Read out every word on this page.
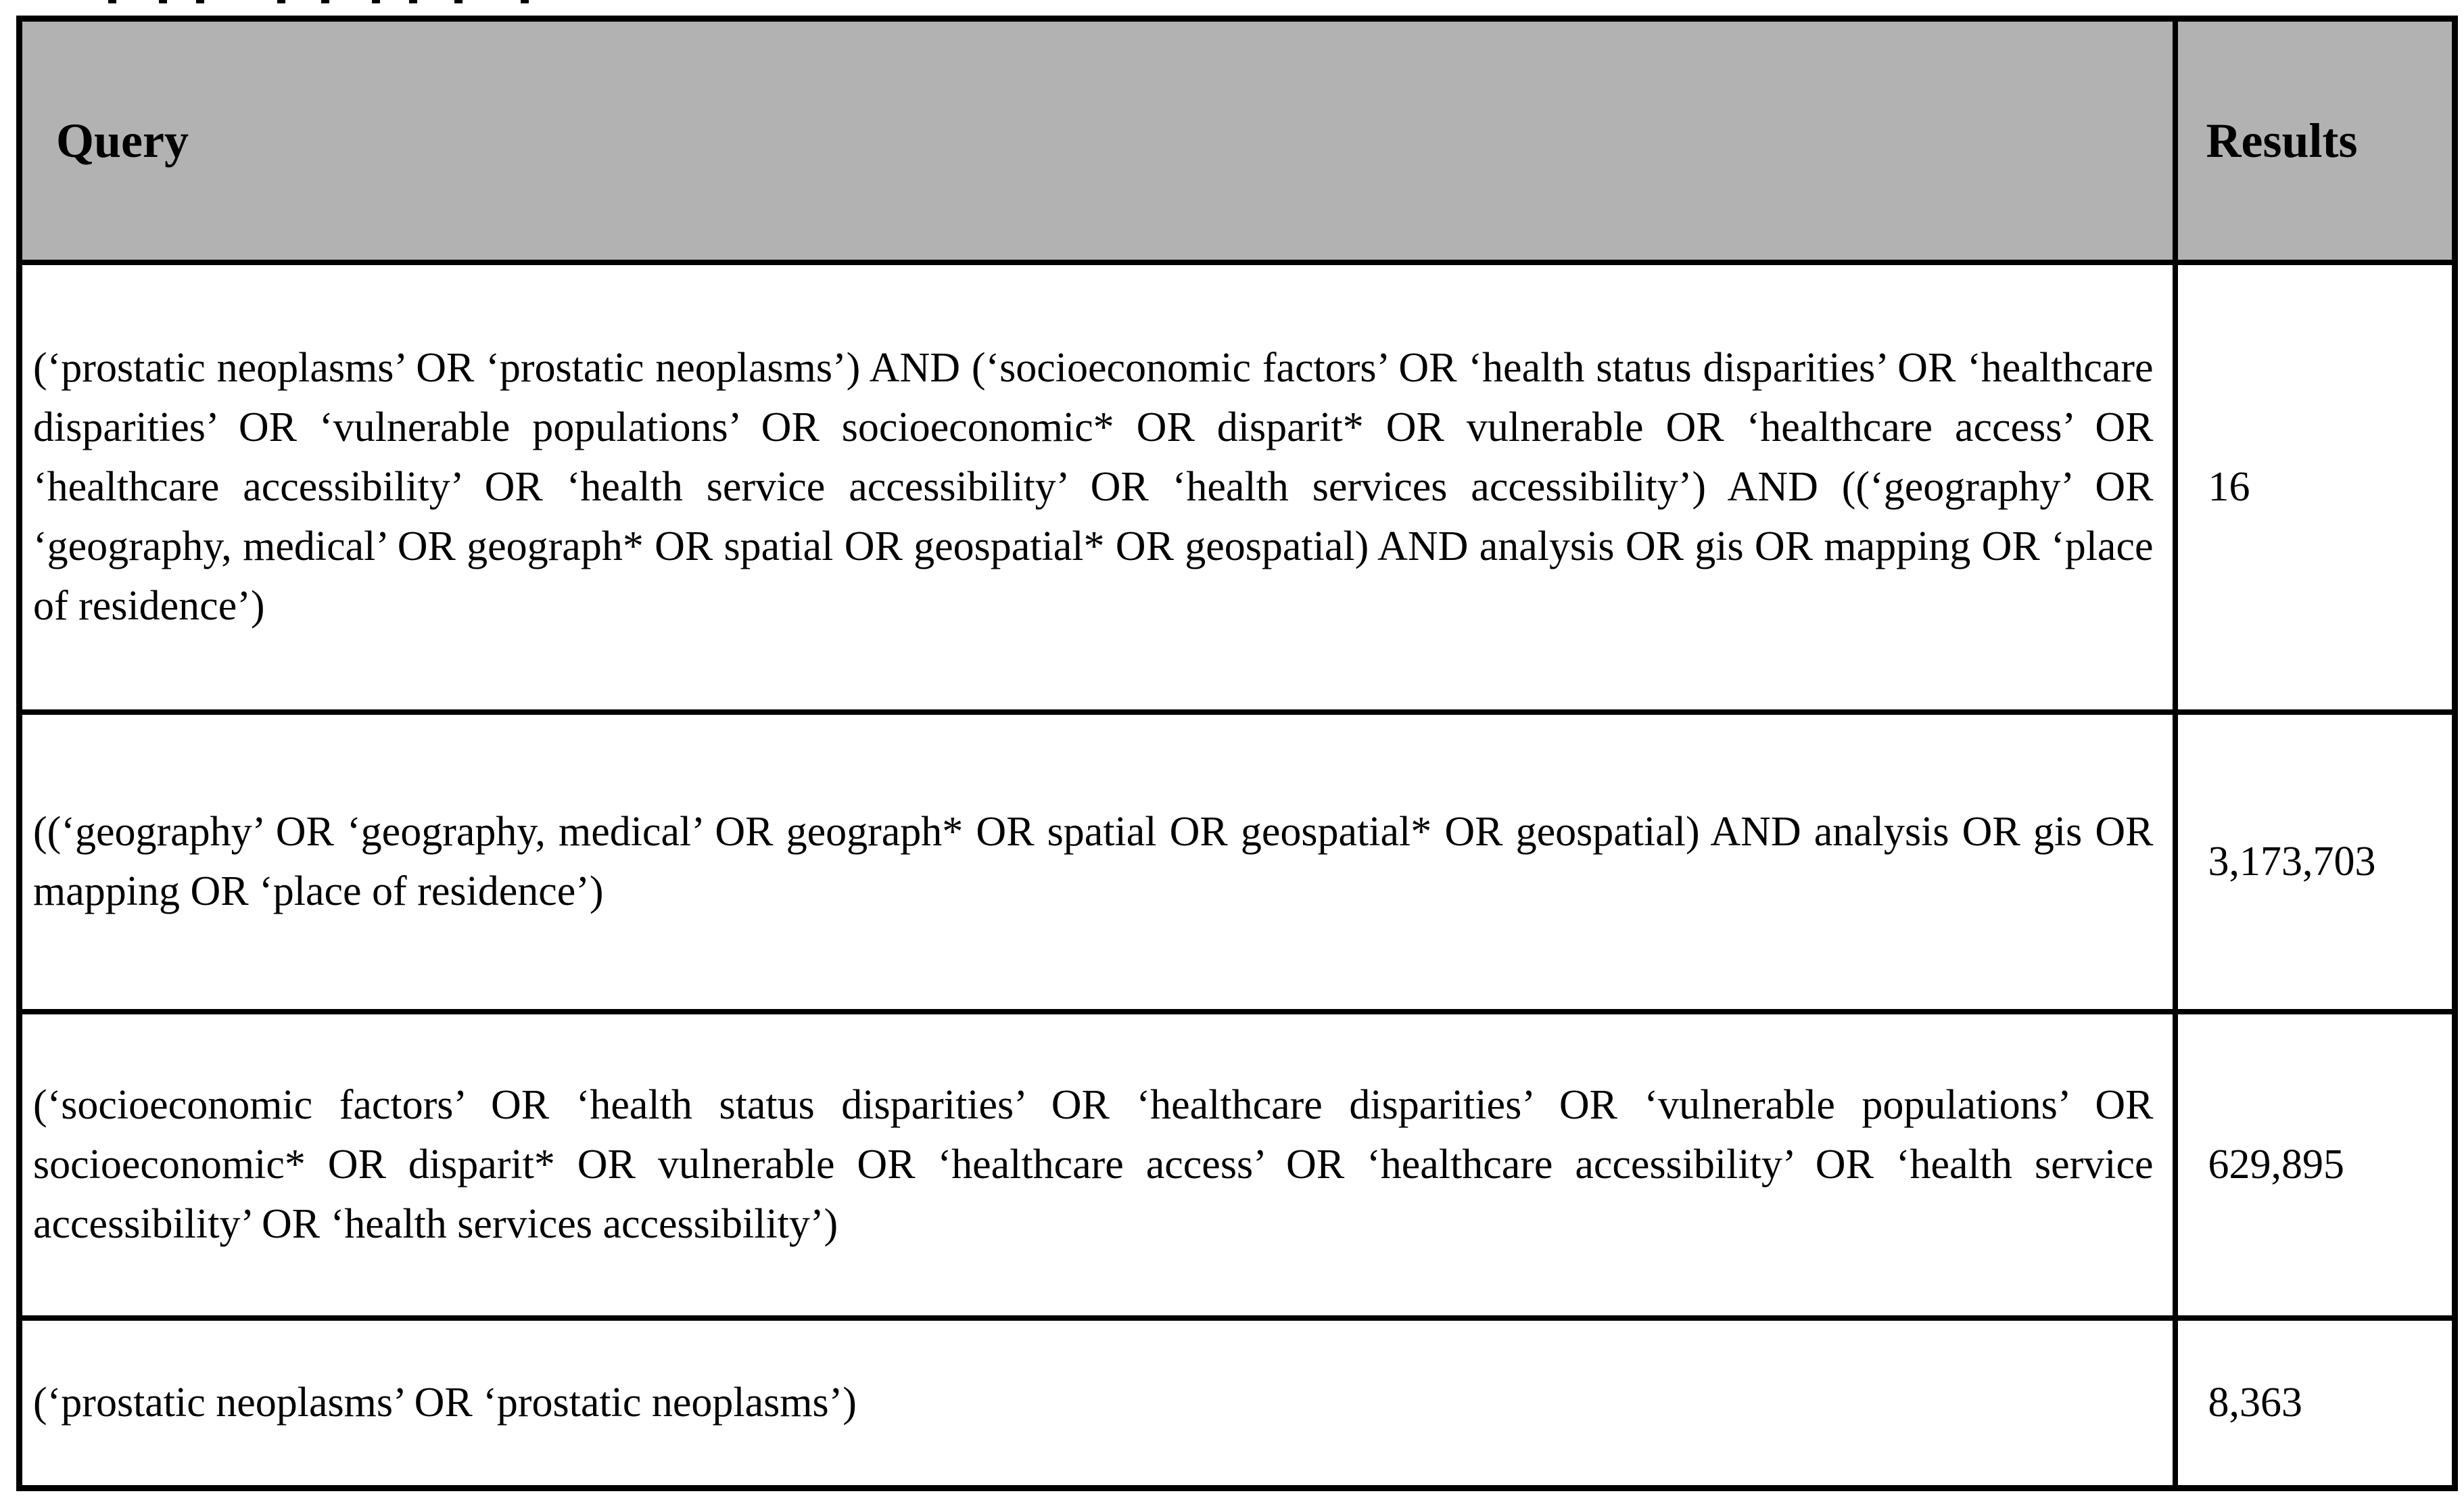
Query	Results
(‘prostatic neoplasms’ OR ‘prostatic neoplasms’) AND (‘socioeconomic factors’ OR ‘health status disparities’ OR ‘healthcare disparities’ OR ‘vulnerable populations’ OR socioeconomic* OR disparit* OR vulnerable OR ‘healthcare access’ OR ‘healthcare accessibility’ OR ‘health service accessibility’ OR ‘health services accessibility’) AND ((‘geography’ OR ‘geography, medical’ OR geograph* OR spatial OR geospatial* OR geospatial) AND analysis OR gis OR mapping OR ‘place of residence’)	16
((‘geography’ OR ‘geography, medical’ OR geograph* OR spatial OR geospatial* OR geospatial) AND analysis OR gis OR mapping OR ‘place of residence’)	3,173,703
(‘socioeconomic factors’ OR ‘health status disparities’ OR ‘healthcare disparities’ OR ‘vulnerable populations’ OR socioeconomic* OR disparit* OR vulnerable OR ‘healthcare access’ OR ‘healthcare accessibility’ OR ‘health service accessibility’ OR ‘health services accessibility’)	629,895
(‘prostatic neoplasms’ OR ‘prostatic neoplasms’)	8,363
